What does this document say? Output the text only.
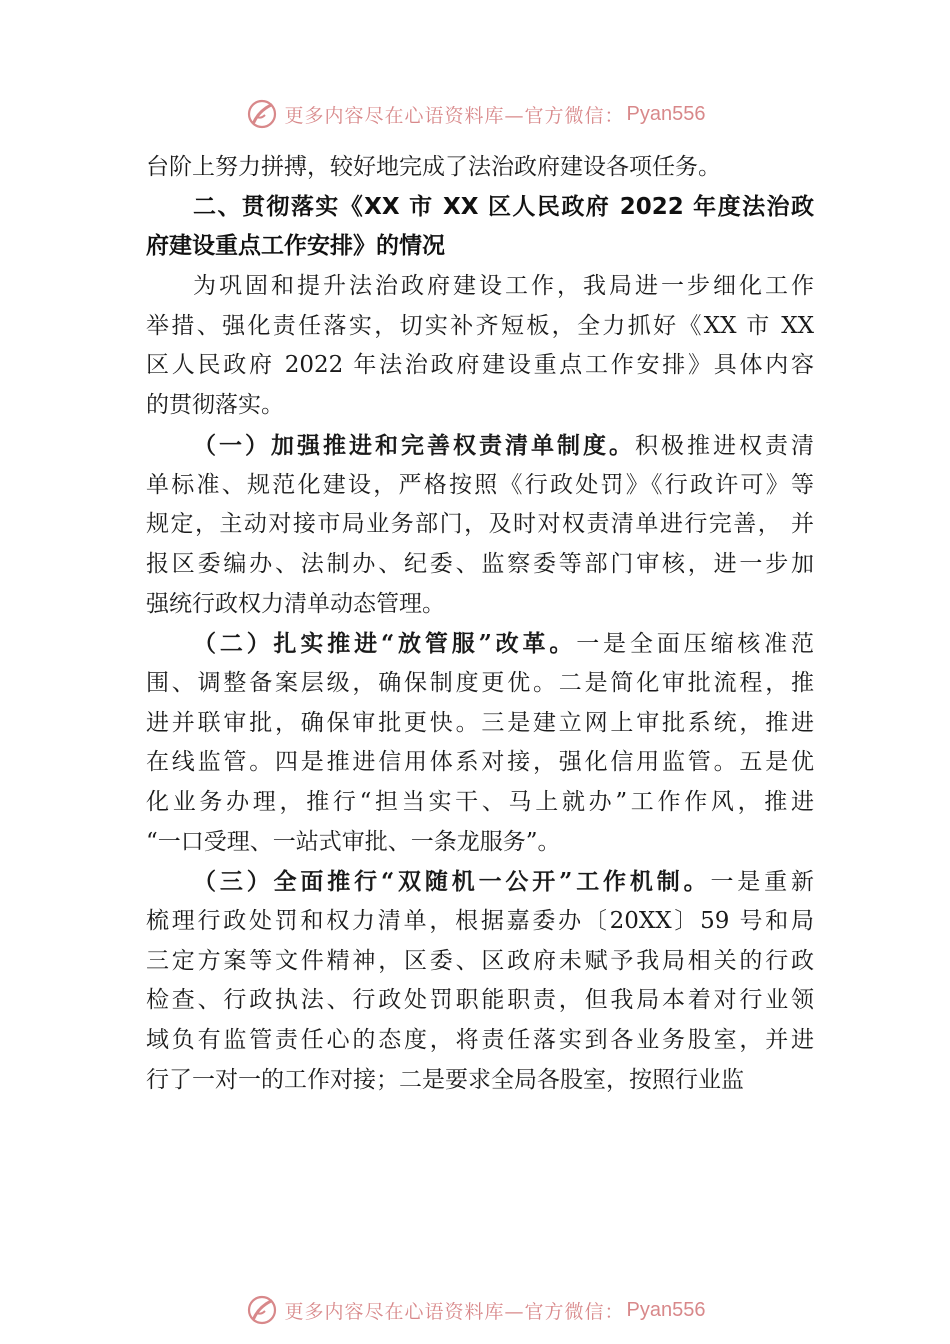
更多内容尽在心语资料库—官方微信： Pyan556
台阶上努力拼搏，较好地完成了法治政府建设各项任务。
二、贯彻落实《XX 市 XX 区人民政府 2022 年度法治政
府建设重点工作安排》的情况
为巩固和提升法治政府建设工作，我局进一步细化工作
举措、强化责任落实，切实补齐短板，全力抓好《XX 市 XX
区人民政府 2022 年法治政府建设重点工作安排》具体内容
的贯彻落实。
（一）加强推进和完善权责清单制度。积极推进权责清
单标准、规范化建设，严格按照《行政处罚》《行政许可》等
规定，主动对接市局业务部门，及时对权责清单进行完善， 并
报区委编办、法制办、纪委、监察委等部门审核，进一步加
强统行政权力清单动态管理。
（二）扎实推进“放管服”改革。一是全面压缩核准范
围、调整备案层级，确保制度更优。二是简化审批流程，推
进并联审批，确保审批更快。三是建立网上审批系统，推进
在线监管。四是推进信用体系对接，强化信用监管。五是优
化业务办理，推行“担当实干、马上就办”工作作风，推进
“一口受理、一站式审批、一条龙服务”。
（三）全面推行“双随机一公开”工作机制。一是重新
梳理行政处罚和权力清单，根据嘉委办〔20XX〕59 号和局
三定方案等文件精神，区委、区政府未赋予我局相关的行政
检查、行政执法、行政处罚职能职责，但我局本着对行业领
域负有监管责任心的态度，将责任落实到各业务股室，并进
行了一对一的工作对接；二是要求全局各股室，按照行业监
更多内容尽在心语资料库—官方微信： Pyan556
